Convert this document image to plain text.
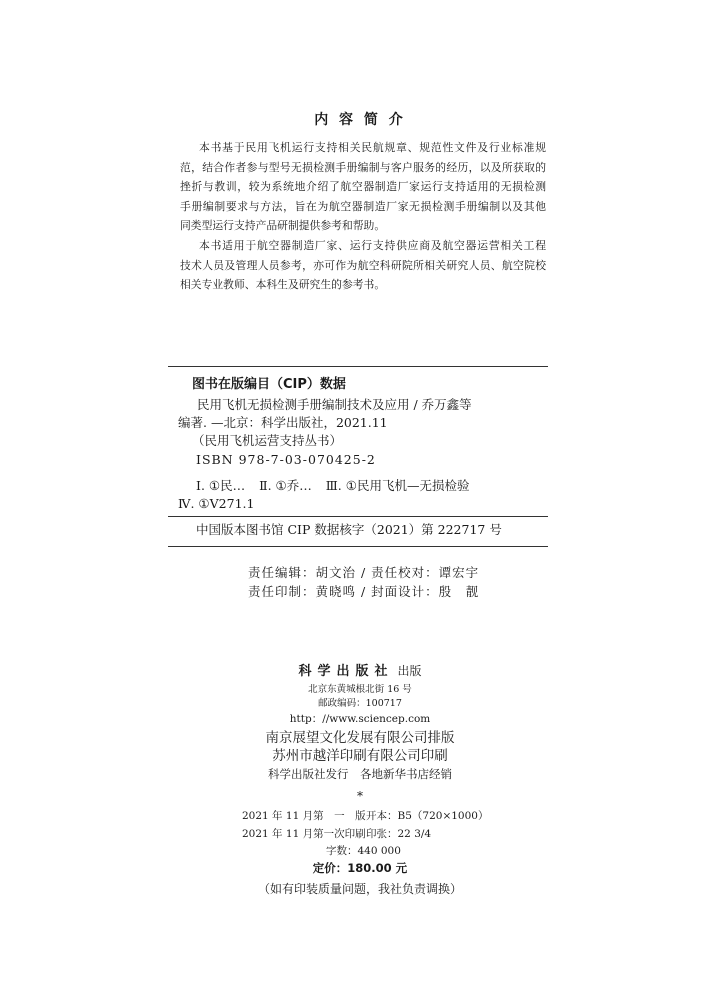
内 容 简 介
本书基于民用飞机运行支持相关民航规章、规范性文件及行业标准规
范，结合作者参与型号无损检测手册编制与客户服务的经历，以及所获取的
挫折与教训，较为系统地介绍了航空器制造厂家运行支持适用的无损检测
手册编制要求与方法，旨在为航空器制造厂家无损检测手册编制以及其他
同类型运行支持产品研制提供参考和帮助。
本书适用于航空器制造厂家、运行支持供应商及航空器运营相关工程
技术人员及管理人员参考，亦可作为航空科研院所相关研究人员、航空院校
相关专业教师、本科生及研究生的参考书。
图书在版编目（CIP）数据
民用飞机无损检测手册编制技术及应用 / 乔万鑫等
编著. —北京：科学出版社，2021.11
（民用飞机运营支持丛书）
ISBN 978-7-03-070425-2
Ⅰ. ①民… Ⅱ. ①乔… Ⅲ. ①民用飞机—无损检验
Ⅳ. ①V271.1
中国版本图书馆 CIP 数据核字（2021）第 222717 号
责任编辑：胡文治 / 责任校对：谭宏宇
责任印制：黄晓鸣 / 封面设计：殷　靓
科学出版社 出版
北京东黄城根北街 16 号
邮政编码：100717
http：//www.sciencep.com
南京展望文化发展有限公司排版
苏州市越洋印刷有限公司印刷
科学出版社发行　各地新华书店经销
*
2021 年 11 月第　一　版 开本：B5（720×1000）
2021 年 11 月第一次印刷 印张：22 3/4
字数：440 000
定价：180.00 元
（如有印装质量问题，我社负责调换）
